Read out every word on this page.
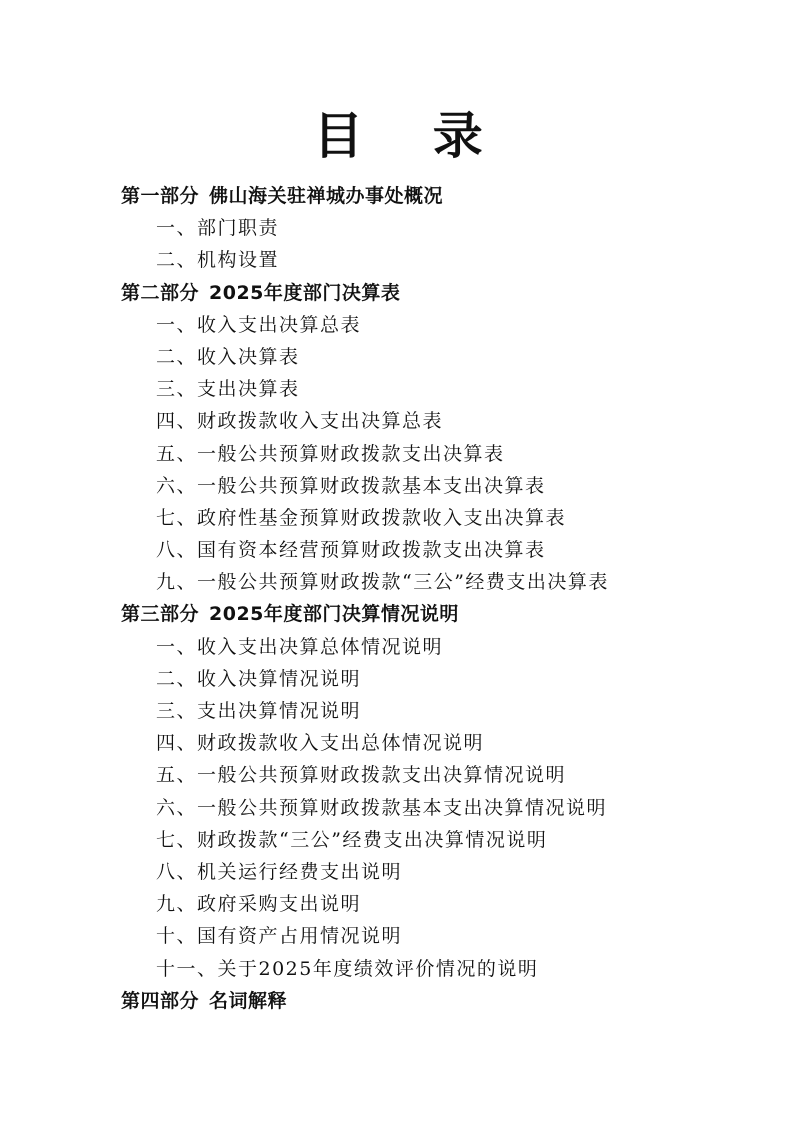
目 录
第一部分 佛山海关驻禅城办事处概况
一、部门职责
二、机构设置
第二部分 2025年度部门决算表
一、收入支出决算总表
二、收入决算表
三、支出决算表
四、财政拨款收入支出决算总表
五、一般公共预算财政拨款支出决算表
六、一般公共预算财政拨款基本支出决算表
七、政府性基金预算财政拨款收入支出决算表
八、国有资本经营预算财政拨款支出决算表
九、一般公共预算财政拨款“三公”经费支出决算表
第三部分 2025年度部门决算情况说明
一、收入支出决算总体情况说明
二、收入决算情况说明
三、支出决算情况说明
四、财政拨款收入支出总体情况说明
五、一般公共预算财政拨款支出决算情况说明
六、一般公共预算财政拨款基本支出决算情况说明
七、财政拨款“三公”经费支出决算情况说明
八、机关运行经费支出说明
九、政府采购支出说明
十、国有资产占用情况说明
十一、关于2025年度绩效评价情况的说明
第四部分 名词解释
